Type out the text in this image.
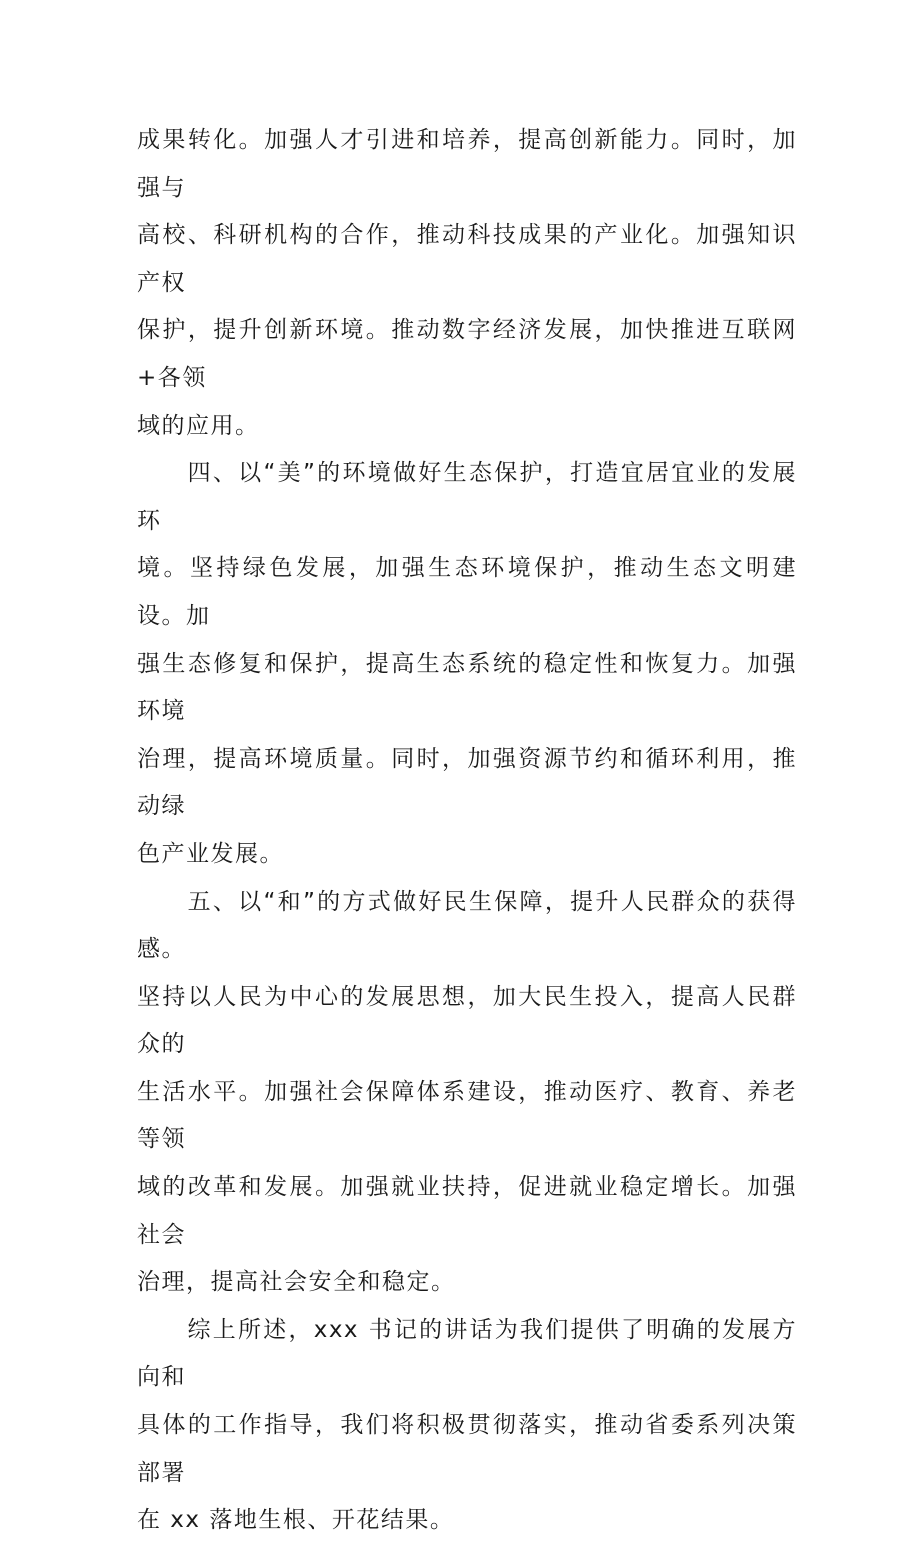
成果转化。加强人才引进和培养，提高创新能力。同时，加强与
高校、科研机构的合作，推动科技成果的产业化。加强知识产权
保护，提升创新环境。推动数字经济发展，加快推进互联网+各领
域的应用。

　　四、以“美”的环境做好生态保护，打造宜居宜业的发展环
境。坚持绿色发展，加强生态环境保护，推动生态文明建设。加
强生态修复和保护，提高生态系统的稳定性和恢复力。加强环境
治理，提高环境质量。同时，加强资源节约和循环利用，推动绿
色产业发展。

　　五、以“和”的方式做好民生保障，提升人民群众的获得感。
坚持以人民为中心的发展思想，加大民生投入，提高人民群众的
生活水平。加强社会保障体系建设，推动医疗、教育、养老等领
域的改革和发展。加强就业扶持，促进就业稳定增长。加强社会
治理，提高社会安全和稳定。

　　综上所述，xxx 书记的讲话为我们提供了明确的发展方向和
具体的工作指导，我们将积极贯彻落实，推动省委系列决策部署
在 xx 落地生根、开花结果。
